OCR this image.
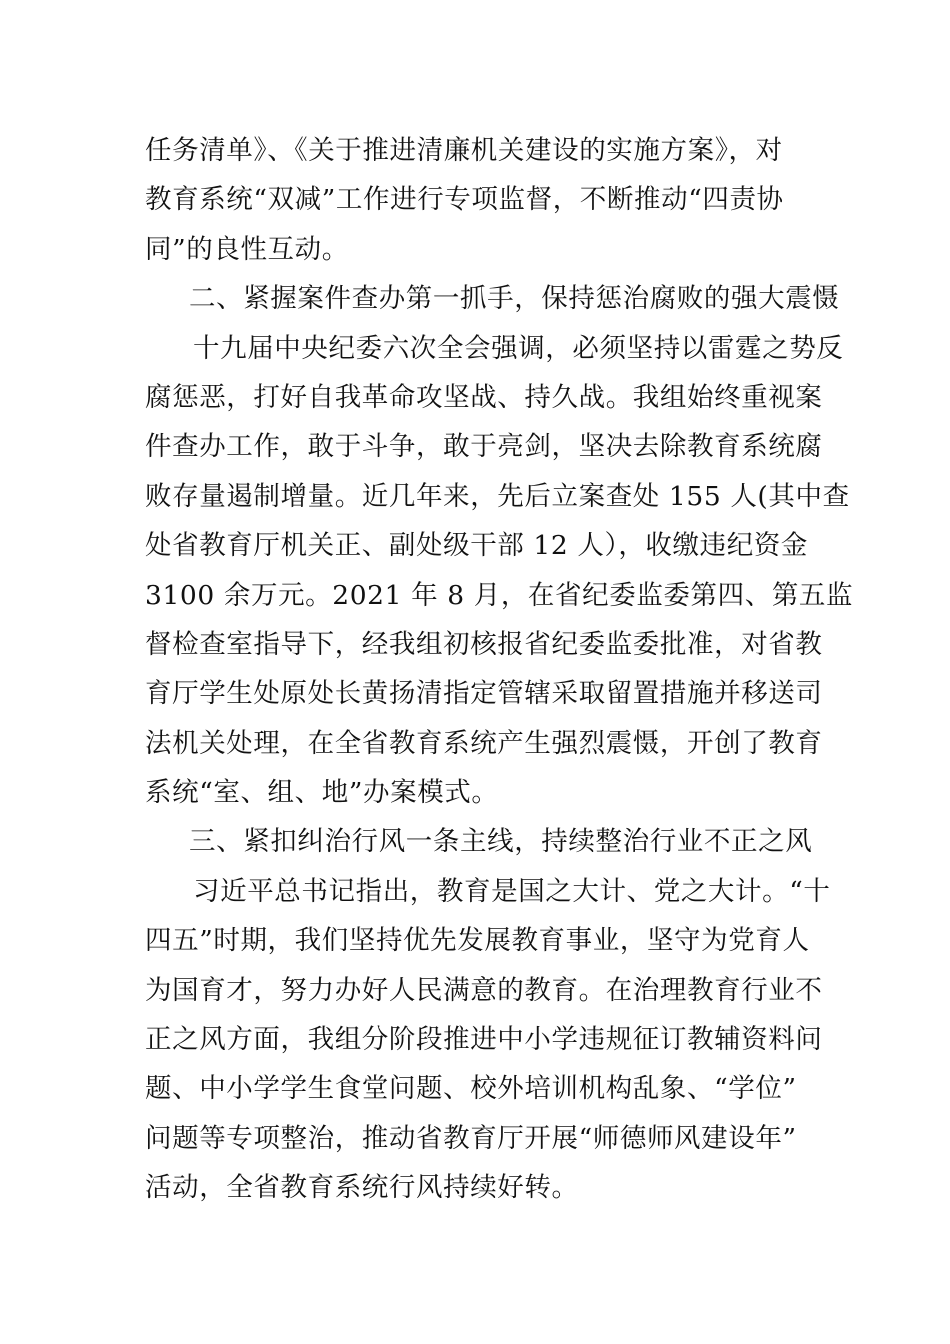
任务清单》、《关于推进清廉机关建设的实施方案》，对
教育系统“双减”工作进行专项监督，不断推动“四责协
同”的良性互动。
二、紧握案件查办第一抓手，保持惩治腐败的强大震慑
十九届中央纪委六次全会强调，必须坚持以雷霆之势反
腐惩恶，打好自我革命攻坚战、持久战。我组始终重视案
件查办工作，敢于斗争，敢于亮剑，坚决去除教育系统腐
败存量遏制增量。近几年来，先后立案查处 155 人(其中查
处省教育厅机关正、副处级干部 12 人），收缴违纪资金
3100 余万元。2021 年 8 月，在省纪委监委第四、第五监
督检查室指导下，经我组初核报省纪委监委批准，对省教
育厅学生处原处长黄扬清指定管辖采取留置措施并移送司
法机关处理，在全省教育系统产生强烈震慑，开创了教育
系统“室、组、地”办案模式。
三、紧扣纠治行风一条主线，持续整治行业不正之风
习近平总书记指出，教育是国之大计、党之大计。“十
四五”时期，我们坚持优先发展教育事业，坚守为党育人
为国育才，努力办好人民满意的教育。在治理教育行业不
正之风方面，我组分阶段推进中小学违规征订教辅资料问
题、中小学学生食堂问题、校外培训机构乱象、“学位”
问题等专项整治，推动省教育厅开展“师德师风建设年”
活动，全省教育系统行风持续好转。
